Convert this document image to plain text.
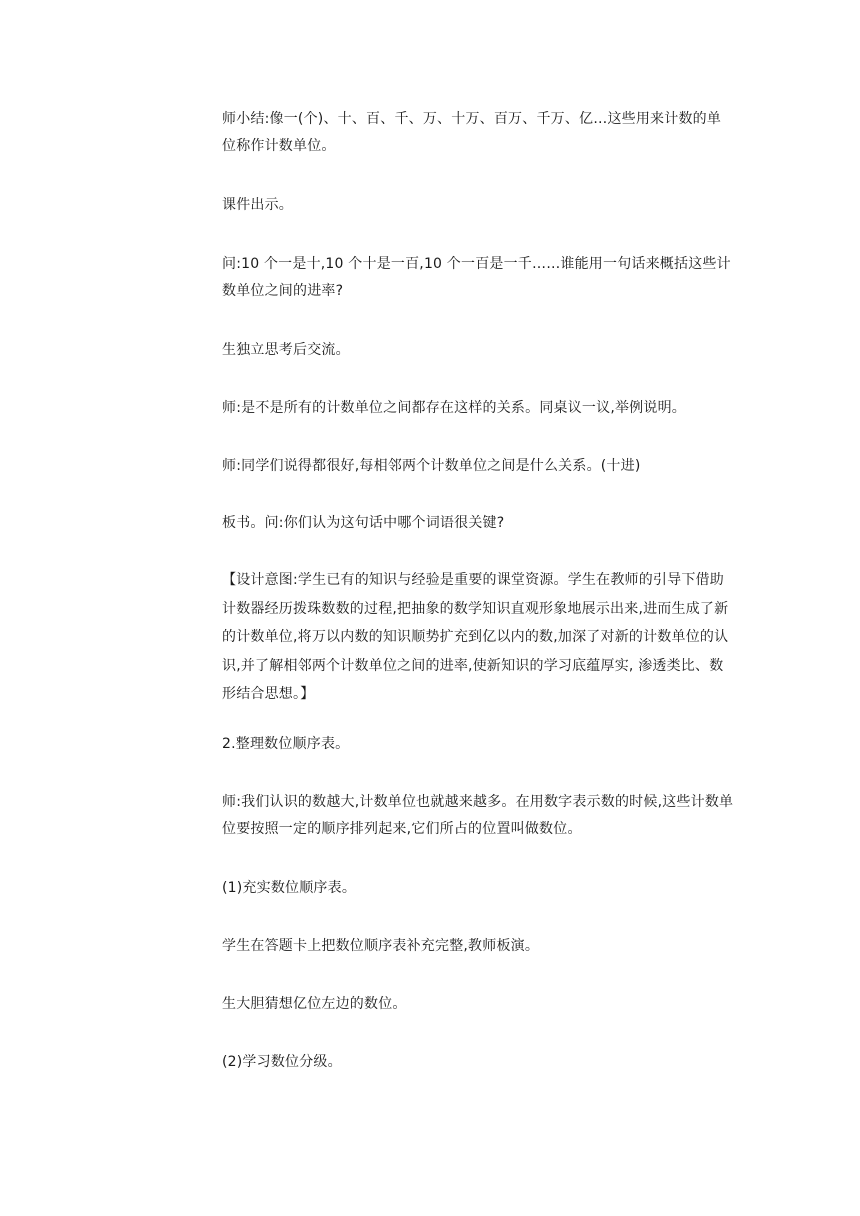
师小结:像一(个)、十、百、千、万、十万、百万、千万、亿…这些用来计数的单位称作计数单位。

课件出示。

问:10 个一是十,10 个十是一百,10 个一百是一千……谁能用一句话来概括这些计数单位之间的进率?

生独立思考后交流。

师:是不是所有的计数单位之间都存在这样的关系。同桌议一议,举例说明。

师:同学们说得都很好,每相邻两个计数单位之间是什么关系。(十进)

板书。问:你们认为这句话中哪个词语很关键?

【设计意图:学生已有的知识与经验是重要的课堂资源。学生在教师的引导下借助计数器经历拨珠数数的过程,把抽象的数学知识直观形象地展示出来,进而生成了新的计数单位,将万以内数的知识顺势扩充到亿以内的数,加深了对新的计数单位的认识,并了解相邻两个计数单位之间的进率,使新知识的学习底蕴厚实, 渗透类比、数形结合思想。】

2.整理数位顺序表。

师:我们认识的数越大,计数单位也就越来越多。在用数字表示数的时候,这些计数单位要按照一定的顺序排列起来,它们所占的位置叫做数位。

(1)充实数位顺序表。

学生在答题卡上把数位顺序表补充完整,教师板演。

生大胆猜想亿位左边的数位。

(2)学习数位分级。
